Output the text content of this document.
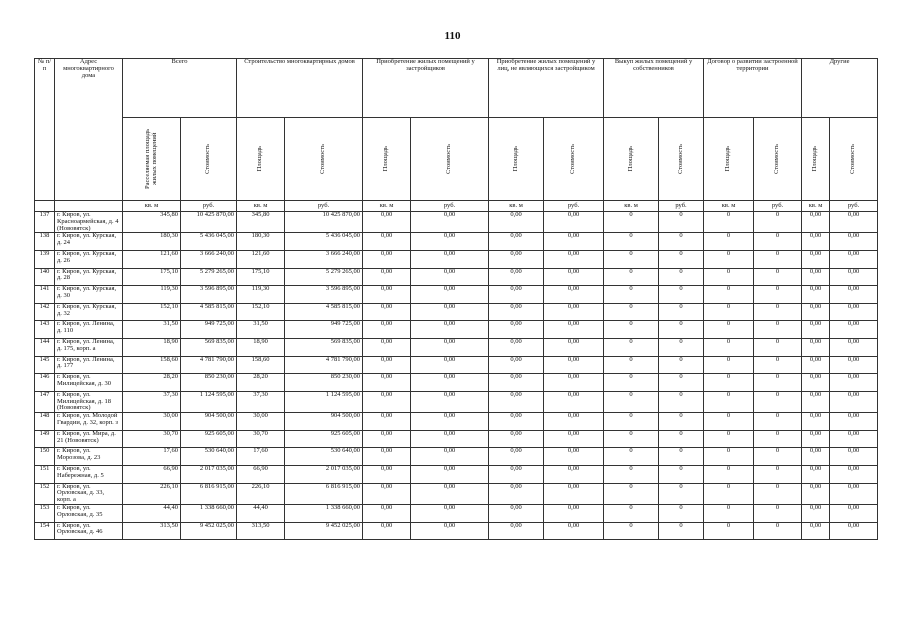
110
№ п/п	Адрес многоквартирного дома	Всего		Строительство многоквартирных домов		Приобретение жилых помещений у застройщиков		Приобретение жилых помещений у лиц, не являющихся застройщиком		Выкуп жилых помещений у собственников		Договор о развитии застроенной территории		Другие	

		Расселяемая площадь жилых помещений	Стоимость	Площадь	Стоимость	Площадь	Стоимость	Площадь	Стоимость	Площадь	Стоимость	Площадь	Стоимость	Площадь	Стоимость

		кв. м	руб.	кв. м	руб.	кв. м	руб.	кв. м	руб.	кв. м	руб.	кв. м	руб.	кв. м	руб.
137	г. Киров, ул. Красноармейская, д. 4 (Нововятск)	345,80	10 425 870,00	345,80	10 425 870,00	0,00	0,00	0,00	0,00	0	0	0	0	0,00	0,00
138	г. Киров, ул. Курская, д. 24	180,30	5 436 045,00	180,30	5 436 045,00	0,00	0,00	0,00	0,00	0	0	0	0	0,00	0,00
139	г. Киров, ул. Курская, д. 26	121,60	3 666 240,00	121,60	3 666 240,00	0,00	0,00	0,00	0,00	0	0	0	0	0,00	0,00
140	г. Киров, ул. Курская, д. 28	175,10	5 279 265,00	175,10	5 279 265,00	0,00	0,00	0,00	0,00	0	0	0	0	0,00	0,00
141	г. Киров, ул. Курская, д. 30	119,30	3 596 895,00	119,30	3 596 895,00	0,00	0,00	0,00	0,00	0	0	0	0	0,00	0,00
142	г. Киров, ул. Курская, д. 32	152,10	4 585 815,00	152,10	4 585 815,00	0,00	0,00	0,00	0,00	0	0	0	0	0,00	0,00
143	г. Киров, ул. Ленина, д. 110	31,50	949 725,00	31,50	949 725,00	0,00	0,00	0,00	0,00	0	0	0	0	0,00	0,00
144	г. Киров, ул. Ленина, д. 175, корп. а	18,90	569 835,00	18,90	569 835,00	0,00	0,00	0,00	0,00	0	0	0	0	0,00	0,00
145	г. Киров, ул. Ленина, д. 177	158,60	4 781 790,00	158,60	4 781 790,00	0,00	0,00	0,00	0,00	0	0	0	0	0,00	0,00
146	г. Киров, ул. Милицейская, д. 30	28,20	850 230,00	28,20	850 230,00	0,00	0,00	0,00	0,00	0	0	0	0	0,00	0,00
147	г. Киров, ул. Милицейская, д. 18 (Нововятск)	37,30	1 124 595,00	37,30	1 124 595,00	0,00	0,00	0,00	0,00	0	0	0	0	0,00	0,00
148	г. Киров, ул. Молодой Гвардии, д. 32, корп. з	30,00	904 500,00	30,00	904 500,00	0,00	0,00	0,00	0,00	0	0	0	0	0,00	0,00
149	г. Киров, ул. Мира, д. 21 (Нововятск)	30,70	925 605,00	30,70	925 605,00	0,00	0,00	0,00	0,00	0	0	0	0	0,00	0,00
150	г. Киров, ул. Морозова, д. 23	17,60	530 640,00	17,60	530 640,00	0,00	0,00	0,00	0,00	0	0	0	0	0,00	0,00
151	г. Киров, ул. Набережная, д. 5	66,90	2 017 035,00	66,90	2 017 035,00	0,00	0,00	0,00	0,00	0	0	0	0	0,00	0,00
152	г. Киров, ул. Орловская, д. 33, корп. а	226,10	6 816 915,00	226,10	6 816 915,00	0,00	0,00	0,00	0,00	0	0	0	0	0,00	0,00
153	г. Киров, ул. Орловская, д. 35	44,40	1 338 660,00	44,40	1 338 660,00	0,00	0,00	0,00	0,00	0	0	0	0	0,00	0,00
154	г. Киров, ул. Орловская, д. 46	313,50	9 452 025,00	313,50	9 452 025,00	0,00	0,00	0,00	0,00	0	0	0	0	0,00	0,00
